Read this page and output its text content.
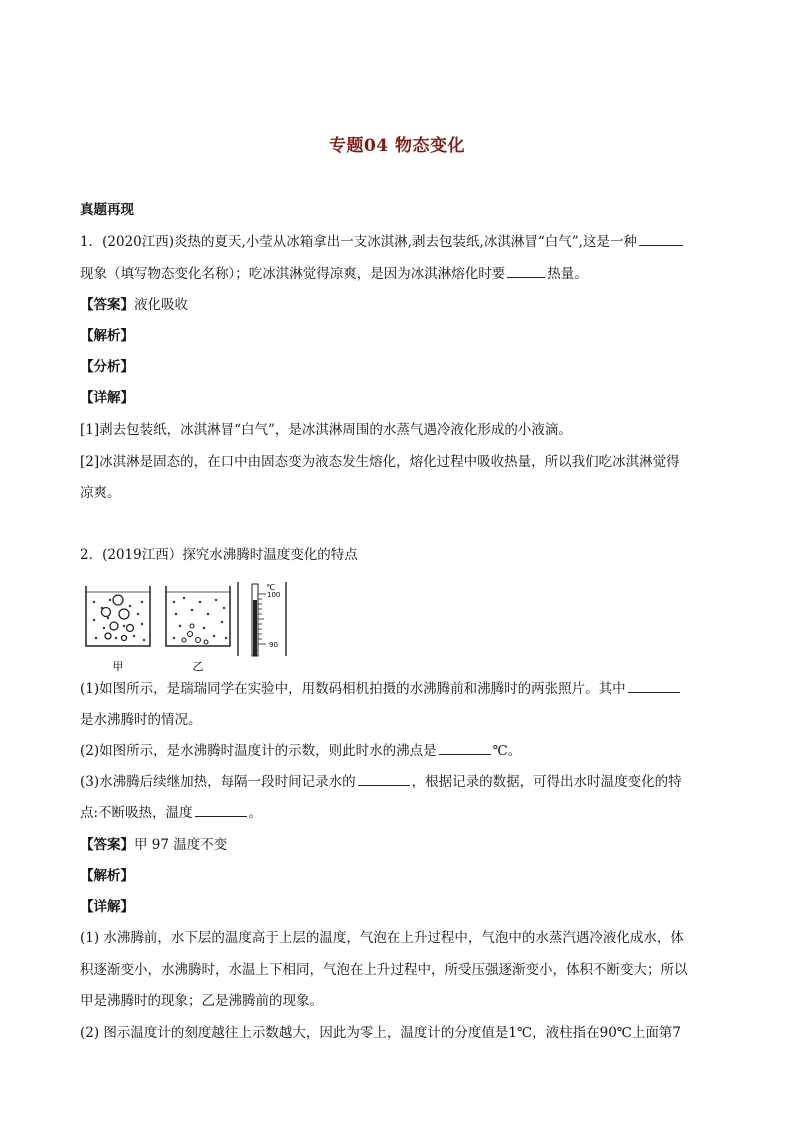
专题04 物态变化
真题再现
1．(2020江西)炎热的夏天,小莹从冰箱拿出一支冰淇淋,剥去包装纸,冰淇淋冒“白气”,这是一种
现象（填写物态变化名称）；吃冰淇淋觉得凉爽，是因为冰淇淋熔化时要	热量。
【答案】液化吸收
【解析】
【分析】
【详解】
[1]剥去包装纸，冰淇淋冒“白气”，是冰淇淋周围的水蒸气遇冷液化形成的小液滴。
[2]冰淇淋是固态的，在口中由固态变为液态发生熔化，熔化过程中吸收热量，所以我们吃冰淇淋觉得
凉爽。
2．(2019江西）探究水沸腾时温度变化的特点
甲	乙
℃
100
90
(1)如图所示，是瑞瑞同学在实验中，用数码相机拍摄的水沸腾前和沸腾时的两张照片。其中
是水沸腾时的情况。
(2)如图所示，是水沸腾时温度计的示数，则此时水的沸点是	℃。
(3)水沸腾后续继加热，每隔一段时间记录水的	，根据记录的数据，可得出水时温度变化的特
点:不断吸热，温度	。
【答案】甲 97 温度不变
【解析】
【详解】
(1) 水沸腾前，水下层的温度高于上层的温度，气泡在上升过程中，气泡中的水蒸汽遇冷液化成水，体
积逐渐变小，水沸腾时，水温上下相同，气泡在上升过程中，所受压强逐渐变小，体积不断变大；所以
甲是沸腾时的现象；乙是沸腾前的现象。
(2) 图示温度计的刻度越往上示数越大，因此为零上，温度计的分度值是1℃，液柱指在90℃上面第7
